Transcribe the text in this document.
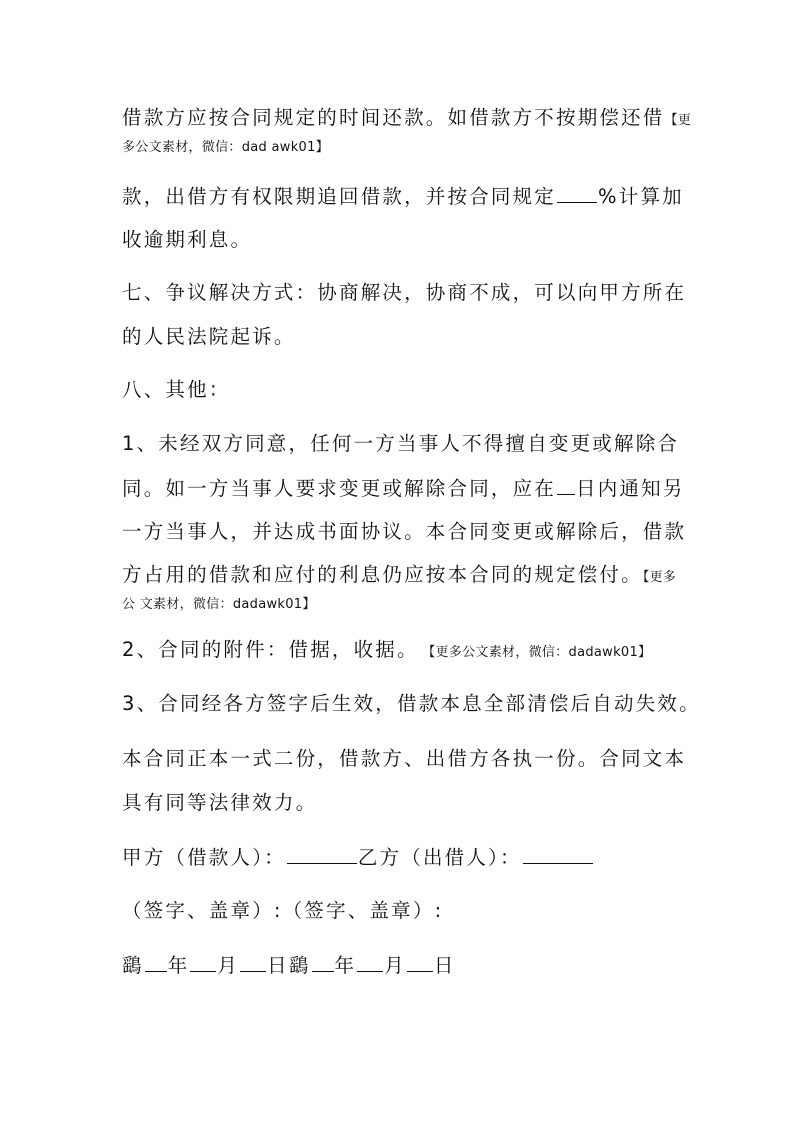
借款方应按合同规定的时间还款。如借款方不按期偿还借【更
多公文素材，微信：dad awk01】
款，出借方有权限期追回借款，并按合同规定 %计算加
收逾期利息。
七、争议解决方式：协商解决，协商不成，可以向甲方所在
的人民法院起诉。
八、其他：
1、未经双方同意，任何一方当事人不得擅自变更或解除合
同。如一方当事人要求变更或解除合同，应在 日内通知另
一方当事人，并达成书面协议。本合同变更或解除后，借款
方占用的借款和应付的利息仍应按本合同的规定偿付。【更多
公 文素材，微信：dadawk01】
2、合同的附件：借据，收据。 【更多公文素材，微信：dadawk01】
3、合同经各方签字后生效，借款本息全部清偿后自动失效。
本合同正本一式二份，借款方、出借方各执一份。合同文本
具有同等法律效力。
甲方（借款人）：	乙方（出借人）：
（签字、盖章）:（签字、盖章）:
鷂 年 月 日鷂 年 月 日
